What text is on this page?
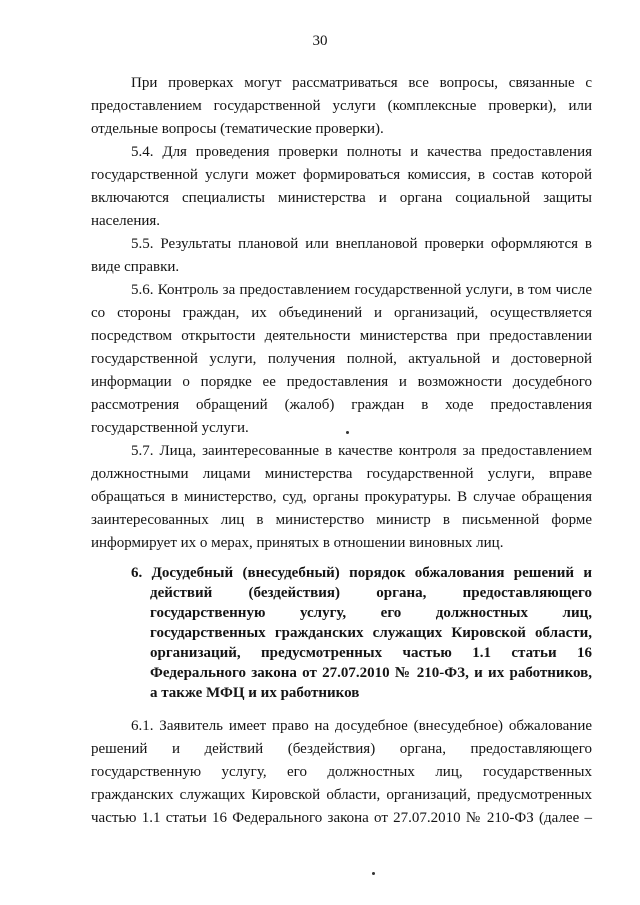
30
При проверках могут рассматриваться все вопросы, связанные с
предоставлением государственной услуги (комплексные проверки), или
отдельные вопросы (тематические проверки).
5.4. Для проведения проверки полноты и качества предоставления
государственной услуги может формироваться комиссия, в состав которой
включаются специалисты министерства и органа социальной защиты
населения.
5.5. Результаты плановой или внеплановой проверки оформляются в
виде справки.
5.6. Контроль за предоставлением государственной услуги, в том числе
со стороны граждан, их объединений и организаций, осуществляется
посредством открытости деятельности министерства при предоставлении
государственной услуги, получения полной, актуальной и достоверной
информации о порядке ее предоставления и возможности досудебного
рассмотрения обращений (жалоб) граждан в ходе предоставления
государственной услуги.
5.7. Лица, заинтересованные в качестве контроля за предоставлением
должностными лицами министерства государственной услуги, вправе
обращаться в министерство, суд, органы прокуратуры. В случае обращения
заинтересованных лиц в министерство министр в письменной форме
информирует их о мерах, принятых в отношении виновных лиц.
6. Досудебный (внесудебный) порядок обжалования решений и
действий (бездействия) органа, предоставляющего
государственную услугу, его должностных лиц,
государственных гражданских служащих Кировской области,
организаций, предусмотренных частью 1.1 статьи 16
Федерального закона от 27.07.2010 № 210-ФЗ, и их работников,
а также МФЦ и их работников
6.1. Заявитель имеет право на досудебное (внесудебное) обжалование
решений и действий (бездействия) органа, предоставляющего
государственную услугу, его должностных лиц, государственных
гражданских служащих Кировской области, организаций, предусмотренных
частью 1.1 статьи 16 Федерального закона от 27.07.2010 № 210-ФЗ (далее –
